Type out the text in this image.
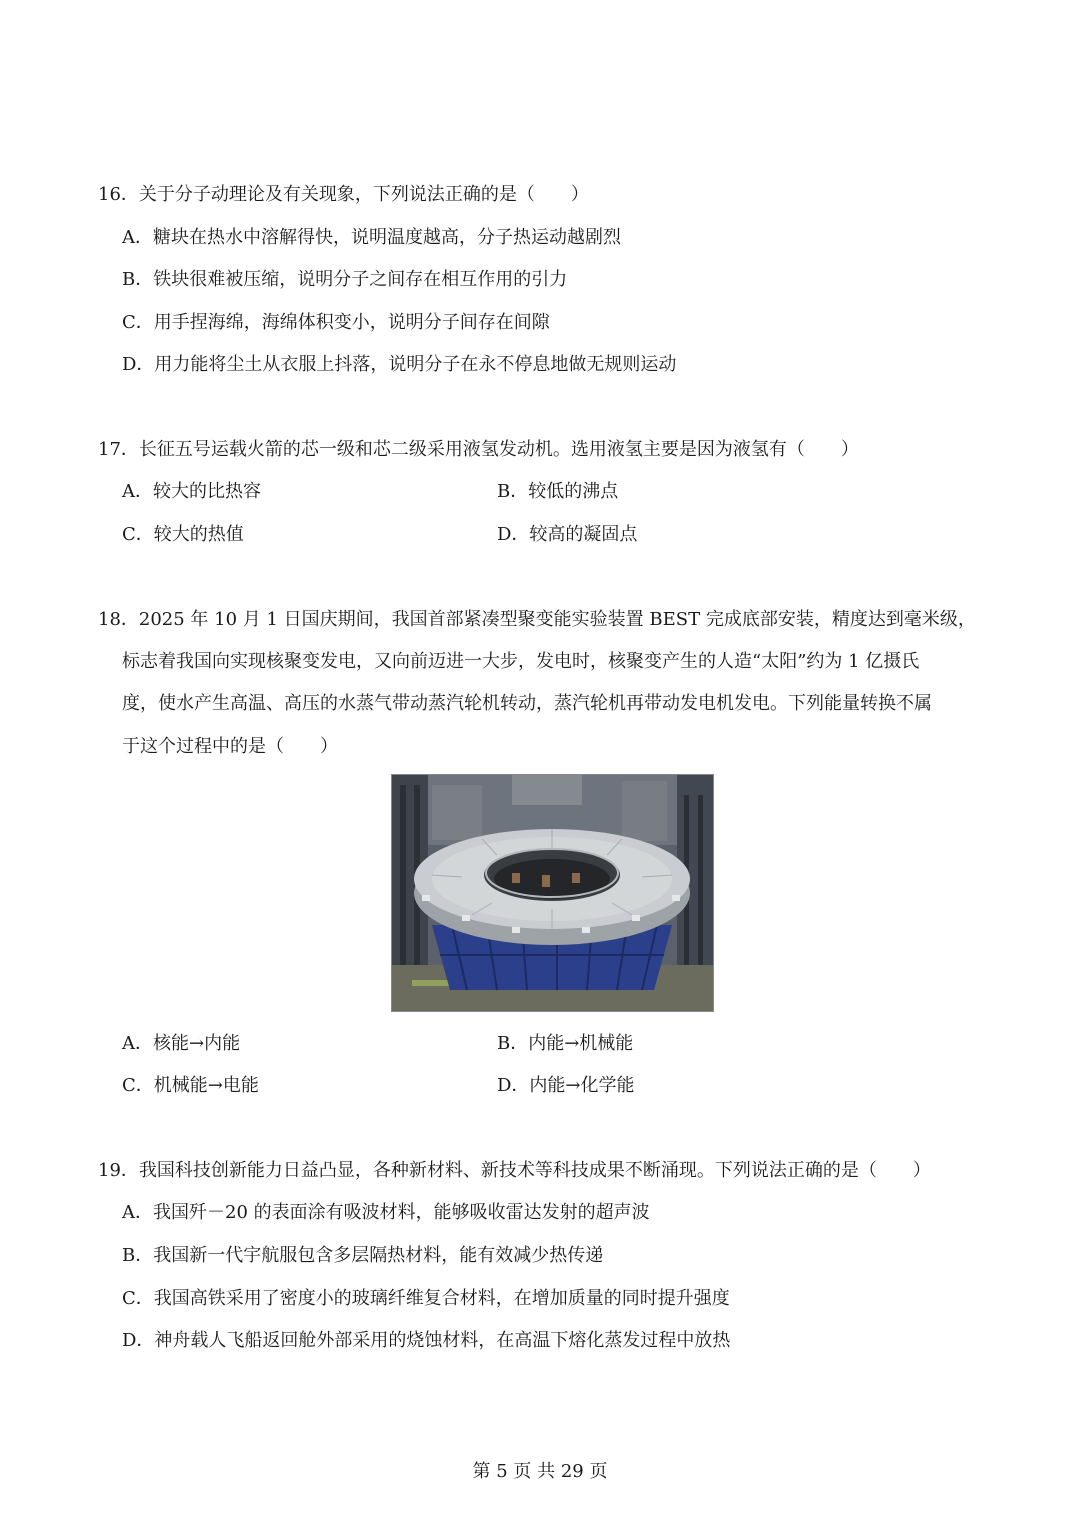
16．关于分子动理论及有关现象，下列说法正确的是（　　）
A．糖块在热水中溶解得快，说明温度越高，分子热运动越剧烈
B．铁块很难被压缩，说明分子之间存在相互作用的引力
C．用手捏海绵，海绵体积变小，说明分子间存在间隙
D．用力能将尘土从衣服上抖落，说明分子在永不停息地做无规则运动
17．长征五号运载火箭的芯一级和芯二级采用液氢发动机。选用液氢主要是因为液氢有（　　）
A．较大的比热容	B．较低的沸点
C．较大的热值	D．较高的凝固点
18．2025 年 10 月 1 日国庆期间，我国首部紧凑型聚变能实验装置 BEST 完成底部安装，精度达到毫米级，
标志着我国向实现核聚变发电，又向前迈进一大步，发电时，核聚变产生的人造“太阳”约为 1 亿摄氏
度，使水产生高温、高压的水蒸气带动蒸汽轮机转动，蒸汽轮机再带动发电机发电。下列能量转换不属
于这个过程中的是（　　）
A．核能→内能	B．内能→机械能
C．机械能→电能	D．内能→化学能
19．我国科技创新能力日益凸显，各种新材料、新技术等科技成果不断涌现。下列说法正确的是（　　）
A．我国歼－20 的表面涂有吸波材料，能够吸收雷达发射的超声波
B．我国新一代宇航服包含多层隔热材料，能有效减少热传递
C．我国高铁采用了密度小的玻璃纤维复合材料，在增加质量的同时提升强度
D．神舟载人飞船返回舱外部采用的烧蚀材料，在高温下熔化蒸发过程中放热
第 5 页 共 29 页
